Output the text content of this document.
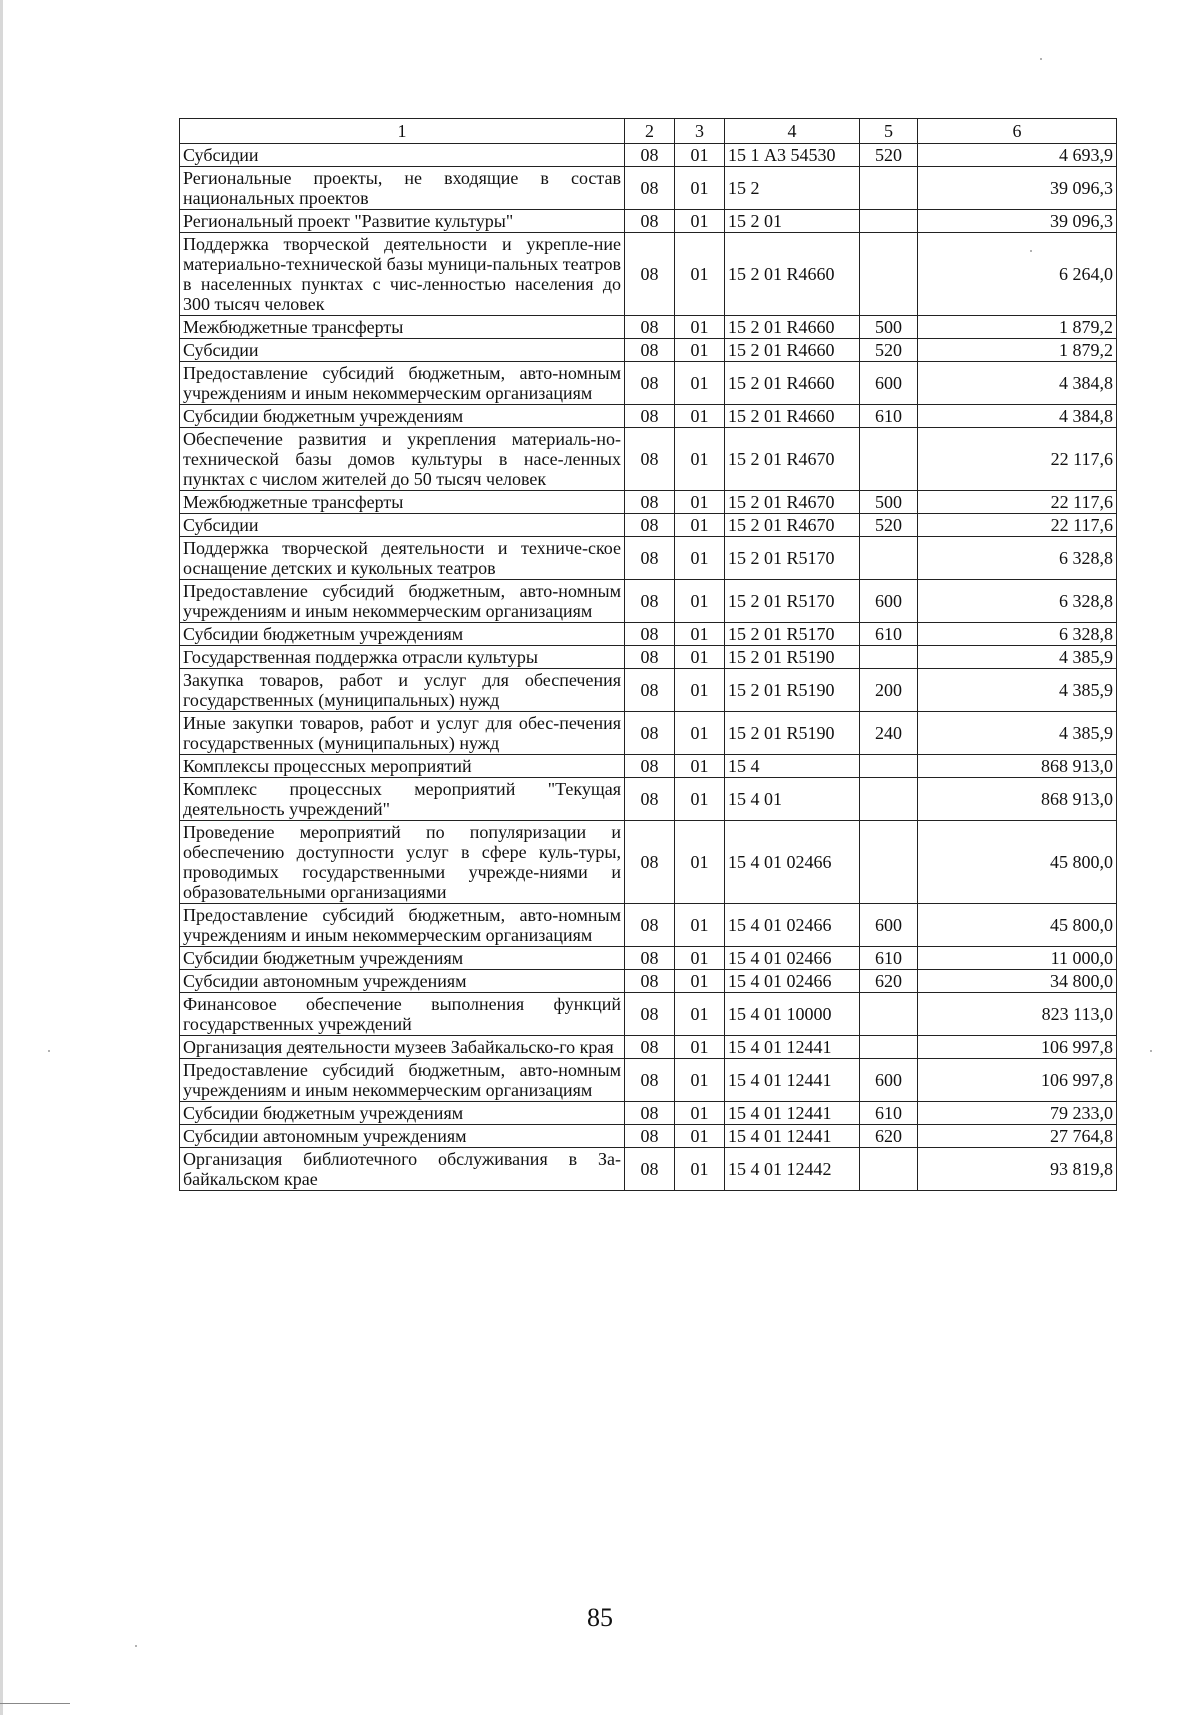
1	2	3	4	5	6
Субсидии	08	01	15 1 А3 54530	520	4 693,9
Региональные проекты, не входящие в состав национальных проектов	08	01	15 2		39 096,3
Региональный проект "Развитие культуры"	08	01	15 2 01		39 096,3
Поддержка творческой деятельности и укрепле-ние материально-технической базы муници-пальных театров в населенных пунктах с чис-ленностью населения до 300 тысяч человек	08	01	15 2 01 R4660		6 264,0
Межбюджетные трансферты	08	01	15 2 01 R4660	500	1 879,2
Субсидии	08	01	15 2 01 R4660	520	1 879,2
Предоставление субсидий бюджетным, авто-номным учреждениям и иным некоммерческим организациям	08	01	15 2 01 R4660	600	4 384,8
Субсидии бюджетным учреждениям	08	01	15 2 01 R4660	610	4 384,8
Обеспечение развития и укрепления материаль-но-технической базы домов культуры в насе-ленных пунктах с числом жителей до 50 тысяч человек	08	01	15 2 01 R4670		22 117,6
Межбюджетные трансферты	08	01	15 2 01 R4670	500	22 117,6
Субсидии	08	01	15 2 01 R4670	520	22 117,6
Поддержка творческой деятельности и техниче-ское оснащение детских и кукольных театров	08	01	15 2 01 R5170		6 328,8
Предоставление субсидий бюджетным, авто-номным учреждениям и иным некоммерческим организациям	08	01	15 2 01 R5170	600	6 328,8
Субсидии бюджетным учреждениям	08	01	15 2 01 R5170	610	6 328,8
Государственная поддержка отрасли культуры	08	01	15 2 01 R5190		4 385,9
Закупка товаров, работ и услуг для обеспечения государственных (муниципальных) нужд	08	01	15 2 01 R5190	200	4 385,9
Иные закупки товаров, работ и услуг для обес-печения государственных (муниципальных) нужд	08	01	15 2 01 R5190	240	4 385,9
Комплексы процессных мероприятий	08	01	15 4		868 913,0
Комплекс процессных мероприятий "Текущая деятельность учреждений"	08	01	15 4 01		868 913,0
Проведение мероприятий по популяризации и обеспечению доступности услуг в сфере куль-туры, проводимых государственными учрежде-ниями и образовательными организациями	08	01	15 4 01 02466		45 800,0
Предоставление субсидий бюджетным, авто-номным учреждениям и иным некоммерческим организациям	08	01	15 4 01 02466	600	45 800,0
Субсидии бюджетным учреждениям	08	01	15 4 01 02466	610	11 000,0
Субсидии автономным учреждениям	08	01	15 4 01 02466	620	34 800,0
Финансовое обеспечение выполнения функций государственных учреждений	08	01	15 4 01 10000		823 113,0
Организация деятельности музеев Забайкальско-го края	08	01	15 4 01 12441		106 997,8
Предоставление субсидий бюджетным, авто-номным учреждениям и иным некоммерческим организациям	08	01	15 4 01 12441	600	106 997,8
Субсидии бюджетным учреждениям	08	01	15 4 01 12441	610	79 233,0
Субсидии автономным учреждениям	08	01	15 4 01 12441	620	27 764,8
Организация библиотечного обслуживания в За-байкальском крае	08	01	15 4 01 12442		93 819,8
85
